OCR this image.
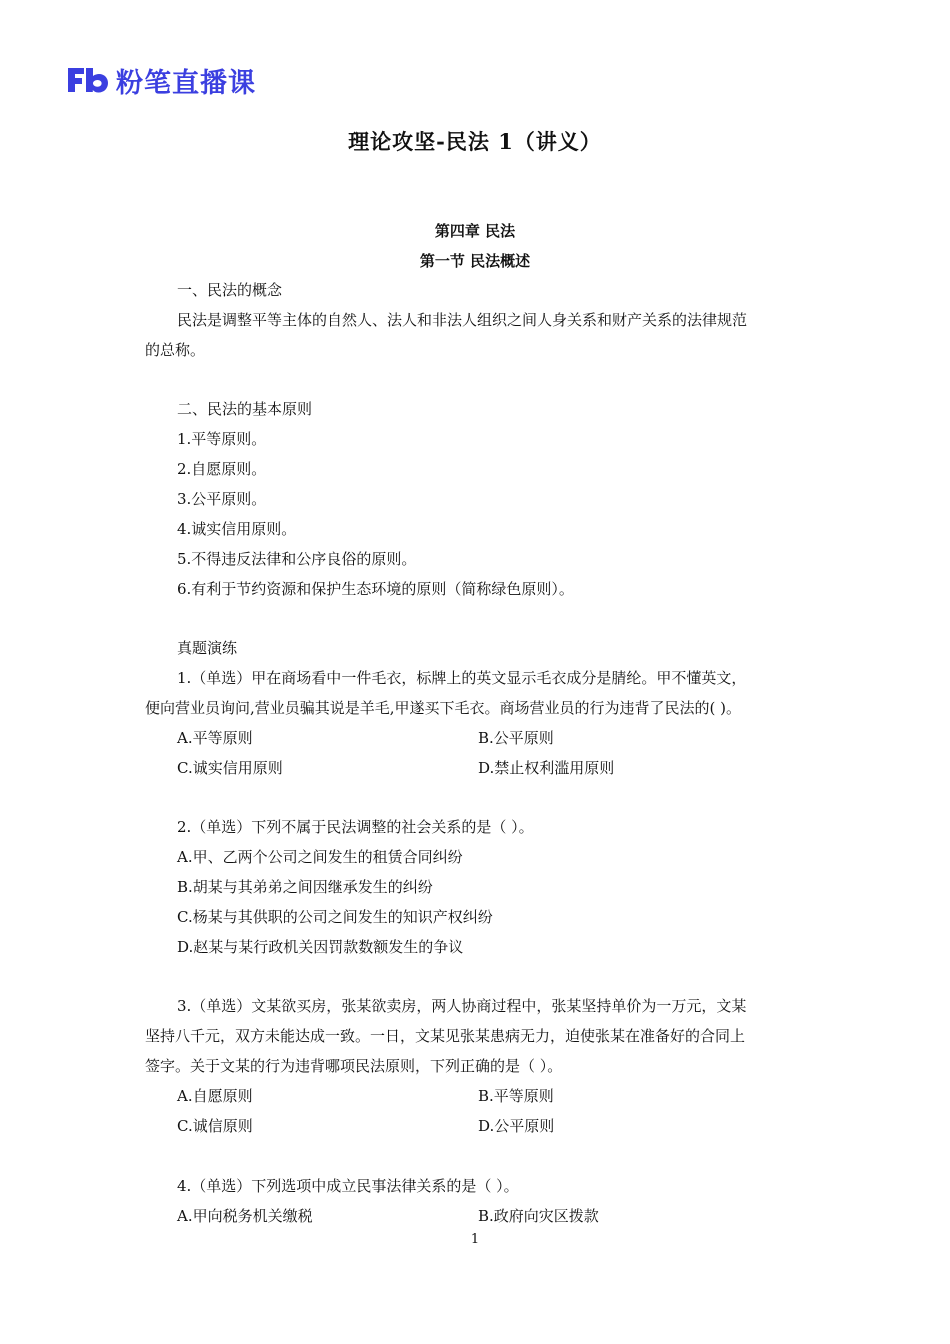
粉笔直播课
理论攻坚-民法 1（讲义）
第四章 民法
第一节 民法概述
一、民法的概念
民法是调整平等主体的自然人、法人和非法人组织之间人身关系和财产关系的法律规范
的总称。
二、民法的基本原则
1.平等原则。
2.自愿原则。
3.公平原则。
4.诚实信用原则。
5.不得违反法律和公序良俗的原则。
6.有利于节约资源和保护生态环境的原则（简称绿色原则）。
真题演练
1.（单选）甲在商场看中一件毛衣，标牌上的英文显示毛衣成分是腈纶。甲不懂英文，
便向营业员询问,营业员骗其说是羊毛,甲遂买下毛衣。商场营业员的行为违背了民法的( )。
A.平等原则	B.公平原则
C.诚实信用原则	D.禁止权利滥用原则
2.（单选）下列不属于民法调整的社会关系的是（ ）。
A.甲、乙两个公司之间发生的租赁合同纠纷
B.胡某与其弟弟之间因继承发生的纠纷
C.杨某与其供职的公司之间发生的知识产权纠纷
D.赵某与某行政机关因罚款数额发生的争议
3.（单选）文某欲买房，张某欲卖房，两人协商过程中，张某坚持单价为一万元，文某
坚持八千元，双方未能达成一致。一日，文某见张某患病无力，迫使张某在准备好的合同上
签字。关于文某的行为违背哪项民法原则，下列正确的是（ ）。
A.自愿原则	B.平等原则
C.诚信原则	D.公平原则
4.（单选）下列选项中成立民事法律关系的是（ ）。
A.甲向税务机关缴税	B.政府向灾区拨款
1
